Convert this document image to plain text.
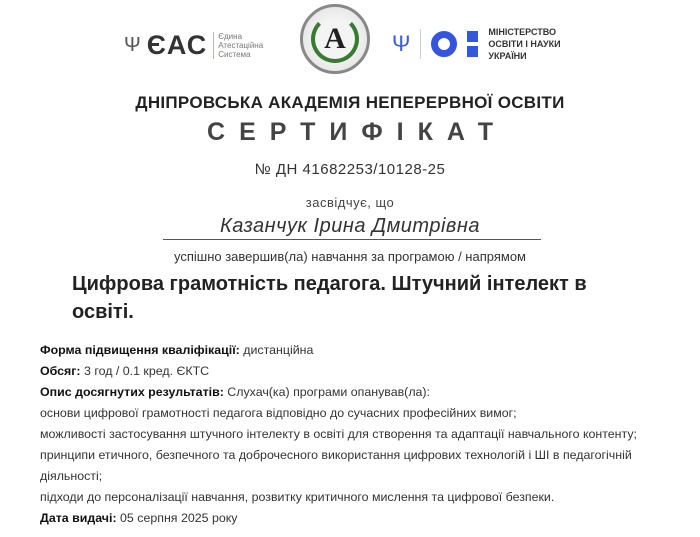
Ψ ЄАС Єдина
Атестаційна
Система	А Ψ	МІНІСТЕРСТВО
ОСВІТИ І НАУКИ
УКРАЇНИ
ДНІПРОВСЬКА АКАДЕМІЯ НЕПЕРЕРВНОЇ ОСВІТИ
СЕРТИФІКАТ
№ ДН 41682253/10128-25
засвідчує, що
Казанчук Ірина Дмитрівна
успішно завершив(ла) навчання за програмою / напрямом
Цифрова грамотність педагога. Штучний інтелект в освіті.
Форма підвищення кваліфікації: дистанційна
Обсяг: 3 год / 0.1 кред. ЄКТС
Опис досягнутих результатів: Слухач(ка) програми опанував(ла):
основи цифрової грамотності педагога відповідно до сучасних професійних вимог;
можливості застосування штучного інтелекту в освіті для створення та адаптації навчального контенту;
принципи етичного, безпечного та доброчесного використання цифрових технологій і ШІ в педагогічній діяльності;
підходи до персоналізації навчання, розвитку критичного мислення та цифрової безпеки.
Дата видачі: 05 серпня 2025 року
